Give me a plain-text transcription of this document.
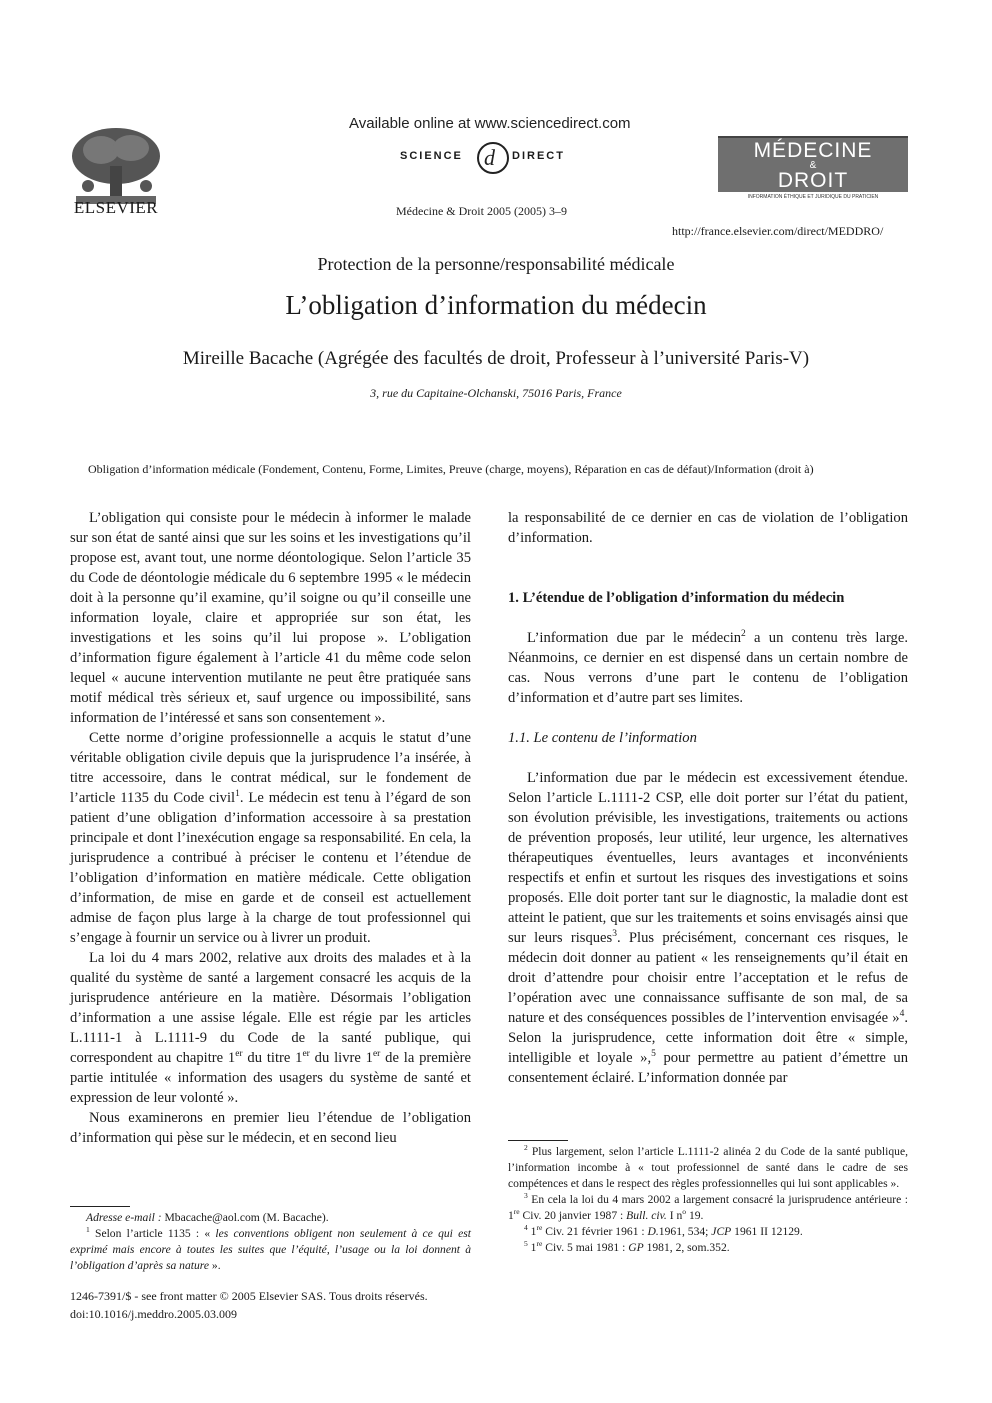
ELSEVIER
Available online at www.sciencedirect.com
SCIENCE d DIRECT
Médecine & Droit 2005 (2005) 3–9
MÉDECINE
&
DROIT
INFORMATION ÉTHIQUE ET JURIDIQUE DU PRATICIEN
http://france.elsevier.com/direct/MEDDRO/
Protection de la personne/responsabilité médicale
L’obligation d’information du médecin
Mireille Bacache (Agrégée des facultés de droit, Professeur à l’université Paris-V)
3, rue du Capitaine-Olchanski, 75016 Paris, France
Obligation d’information médicale (Fondement, Contenu, Forme, Limites, Preuve (charge, moyens), Réparation en cas de défaut)/Information (droit à)

L’obligation qui consiste pour le médecin à informer le malade sur son état de santé ainsi que sur les soins et les investigations qu’il propose est, avant tout, une norme déontologique. Selon l’article 35 du Code de déontologie médicale du 6 septembre 1995 « le médecin doit à la personne qu’il examine, qu’il soigne ou qu’il conseille une information loyale, claire et appropriée sur son état, les investigations et les soins qu’il lui propose ». L’obligation d’information figure également à l’article 41 du même code selon lequel « aucune intervention mutilante ne peut être pratiquée sans motif médical très sérieux et, sauf urgence ou impossibilité, sans information de l’intéressé et sans son consentement ».

Cette norme d’origine professionnelle a acquis le statut d’une véritable obligation civile depuis que la jurisprudence l’a insérée, à titre accessoire, dans le contrat médical, sur le fondement de l’article 1135 du Code civil$^1$. Le médecin est tenu à l’égard de son patient d’une obligation d’information accessoire à sa prestation principale et dont l’inexécution engage sa responsabilité. En cela, la jurisprudence a contribué à préciser le contenu et l’étendue de l’obligation d’information en matière médicale. Cette obligation d’information, de mise en garde et de conseil est actuellement admise de façon plus large à la charge de tout professionnel qui s’engage à fournir un service ou à livrer un produit.

La loi du 4 mars 2002, relative aux droits des malades et à la qualité du système de santé a largement consacré les acquis de la jurisprudence antérieure en la matière. Désormais l’obligation d’information a une assise légale. Elle est régie par les articles L.1111-1 à L.1111-9 du Code de la santé publique, qui correspondent au chapitre 1er du titre 1er du livre 1er de la première partie intitulée « information des usagers du système de santé et expression de leur volonté ».

Nous examinerons en premier lieu l’étendue de l’obligation d’information qui pèse sur le médecin, et en second lieu

Adresse e-mail : Mbacache@aol.com (M. Bacache).

$^1$ Selon l’article 1135 : « les conventions obligent non seulement à ce qui est exprimé mais encore à toutes les suites que l’équité, l’usage ou la loi donnent à l’obligation d’après sa nature ».

1246-7391/$ - see front matter © 2005 Elsevier SAS. Tous droits réservés.
doi:10.1016/j.meddro.2005.03.009

la responsabilité de ce dernier en cas de violation de l’obligation d’information.

1. L’étendue de l’obligation d’information du médecin

L’information due par le médecin$^2$ a un contenu très large. Néanmoins, ce dernier en est dispensé dans un certain nombre de cas. Nous verrons d’une part le contenu de l’obligation d’information et d’autre part ses limites.

1.1. Le contenu de l’information

L’information due par le médecin est excessivement étendue. Selon l’article L.1111-2 CSP, elle doit porter sur l’état du patient, son évolution prévisible, les investigations, traitements ou actions de prévention proposés, leur utilité, leur urgence, les alternatives thérapeutiques éventuelles, leurs avantages et inconvénients respectifs et enfin et surtout les risques des investigations et soins proposés. Elle doit porter tant sur le diagnostic, la maladie dont est atteint le patient, que sur les traitements et soins envisagés ainsi que sur leurs risques$^3$. Plus précisément, concernant ces risques, le médecin doit donner au patient « les renseignements qu’il était en droit d’attendre pour choisir entre l’acceptation et le refus de l’opération avec une connaissance suffisante de son mal, de sa nature et des conséquences possibles de l’intervention envisagée »$^4$. Selon la jurisprudence, cette information doit être « simple, intelligible et loyale »,$^5$ pour permettre au patient d’émettre un consentement éclairé. L’information donnée par

$^2$ Plus largement, selon l’article L.1111-2 alinéa 2 du Code de la santé publique, l’information incombe à « tout professionnel de santé dans le cadre de ses compétences et dans le respect des règles professionnelles qui lui sont applicables ».

$^3$ En cela la loi du 4 mars 2002 a largement consacré la jurisprudence antérieure : 1re Civ. 20 janvier 1987 : Bull. civ. I $n^o$ 19.

$^4$ 1re Civ. 21 février 1961 : D.1961, 534; JCP 1961 II 12129.

$^5$ 1re Civ. 5 mai 1981 : GP 1981, 2, som.352.
